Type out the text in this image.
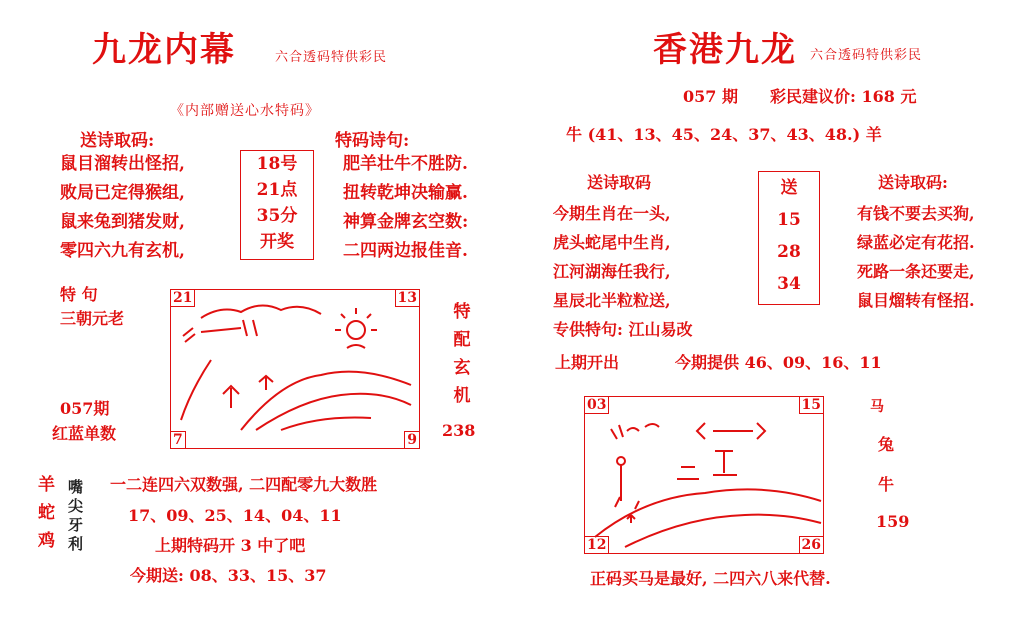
九龙内幕	六合透码特供彩民
《内部赠送心水特码》
送诗取码:
鼠目溜转出怪招,
败局已定得猴组,
鼠来兔到猪发财,
零四六九有玄机,
18号
21点
35分
开奖
特码诗句:
肥羊壮牛不胜防.
扭转乾坤决输赢.
神算金牌玄空数:
二四两边报佳音.
特 句
三朝元老
057期
红蓝单数
21	13
7	9
特
配
玄
机
238
羊
蛇
鸡
嘴
尖
牙
利
一二连四六双数强, 二四配零九大数胜
17、09、25、14、04、11
上期特码开 3 中了吧
今期送: 08、33、15、37
香港九龙 六合透码特供彩民
057 期 彩民建议价: 168 元
牛 (41、13、45、24、37、43、48.) 羊
送诗取码
今期生肖在一头,
虎头蛇尾中生肖,
江河湖海任我行,
星辰北半粒粒送,
专供特句: 江山易改
送
15
28
34
送诗取码:
有钱不要去买狗,
绿蓝必定有花招.
死路一条还要走,
鼠目熘转有怪招.
上期开出	今期提供 46、09、16、11
03	15
12	26
马
兔
牛
159
正码买马是最好, 二四六八来代替.
